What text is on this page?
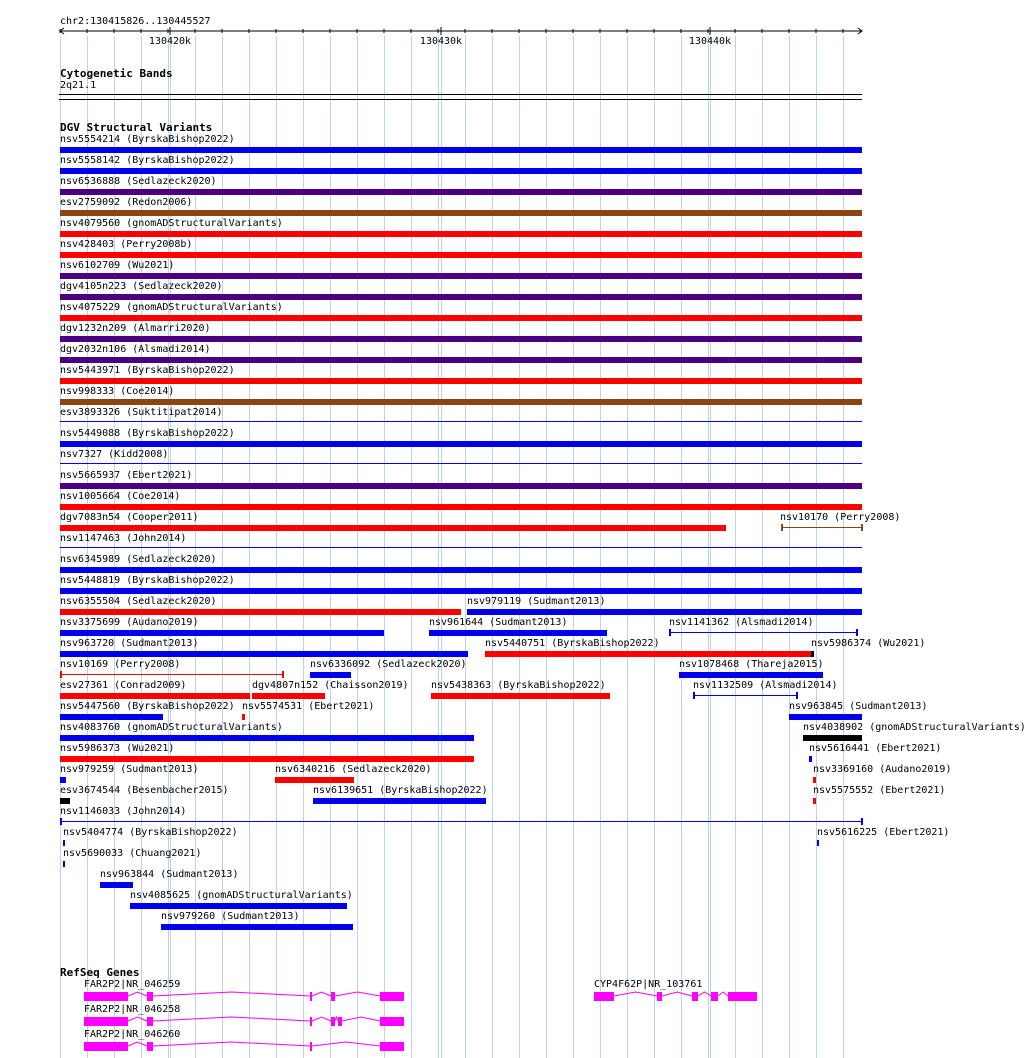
chr2:130415826..130445527
130420k	130430k	130440k
Cytogenetic Bands
2q21.1
DGV Structural Variants
nsv5554214 (ByrskaBishop2022)
nsv5558142 (ByrskaBishop2022)
nsv6536888 (Sedlazeck2020)
esv2759092 (Redon2006)
nsv4079560 (gnomADStructuralVariants)
nsv428403 (Perry2008b)
nsv6102709 (Wu2021)
dgv4105n223 (Sedlazeck2020)
nsv4075229 (gnomADStructuralVariants)
dgv1232n209 (Almarri2020)
dgv2032n106 (Alsmadi2014)
nsv5443971 (ByrskaBishop2022)
nsv998333 (Coe2014)
esv3893326 (Suktitipat2014)
nsv5449088 (ByrskaBishop2022)
nsv7327 (Kidd2008)
nsv5665937 (Ebert2021)
nsv1005664 (Coe2014)
dgv7083n54 (Cooper2011)	nsv10170 (Perry2008)
nsv1147463 (John2014)
nsv6345989 (Sedlazeck2020)
nsv5448819 (ByrskaBishop2022)
nsv6355504 (Sedlazeck2020)	nsv979119 (Sudmant2013)
nsv3375699 (Audano2019)	nsv961644 (Sudmant2013)	nsv1141362 (Alsmadi2014)
nsv963720 (Sudmant2013)	nsv5440751 (ByrskaBishop2022)	nsv5986374 (Wu2021)
nsv10169 (Perry2008)	nsv6336092 (Sedlazeck2020)	nsv1078468 (Thareja2015)
esv27361 (Conrad2009)	dgv4807n152 (Chaisson2019) nsv5438363 (ByrskaBishop2022)	nsv1132509 (Alsmadi2014)
nsv5447560 (ByrskaBishop2022) nsv5574531 (Ebert2021)	nsv963845 (Sudmant2013)
nsv4083760 (gnomADStructuralVariants)	nsv4038902 (gnomADStructuralVariants)
nsv5986373 (Wu2021)	nsv5616441 (Ebert2021)
nsv979259 (Sudmant2013)	nsv6340216 (Sedlazeck2020)	nsv3369160 (Audano2019)
esv3674544 (Besenbacher2015)	nsv6139651 (ByrskaBishop2022)	nsv5575552 (Ebert2021)
nsv1146033 (John2014)
nsv5404774 (ByrskaBishop2022)	nsv5616225 (Ebert2021)
nsv5690033 (Chuang2021)
nsv963844 (Sudmant2013)
nsv4085625 (gnomADStructuralVariants)
nsv979260 (Sudmant2013)
RefSeq Genes
FAR2P2|NR_046259
FAR2P2|NR_046258
FAR2P2|NR_046260
CYP4F62P|NR_103761
